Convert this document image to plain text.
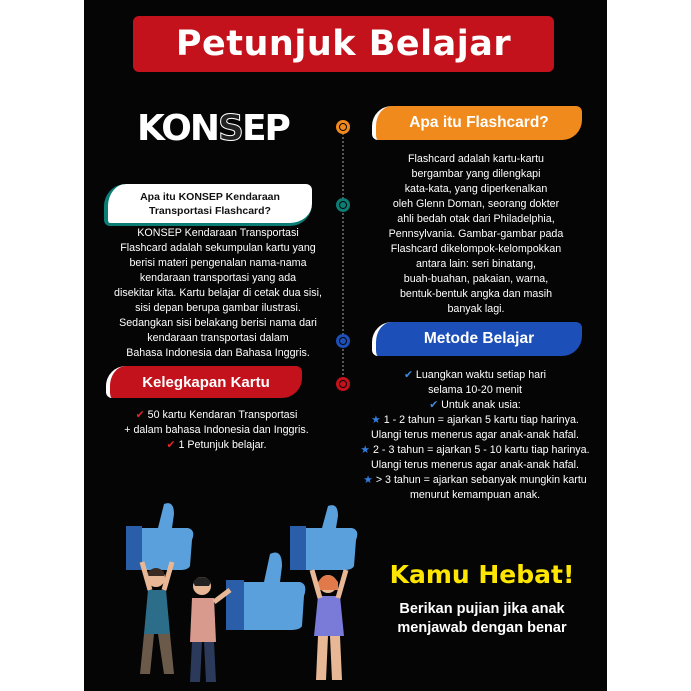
Petunjuk Belajar
KONSEP	Apa itu Flashcard?

Flashcard adalah kartu-kartu
bergambar yang dilengkapi
kata-kata, yang diperkenalkan
oleh Glenn Doman, seorang dokter
ahli bedah otak dari Philadelphia,
Pennsylvania. Gambar-gambar pada
Flashcard dikelompok-kelompokkan
antara lain: seri binatang,
buah-buahan, pakaian, warna,
bentuk-bentuk angka dan masih
banyak lagi.

Apa itu KONSEP Kendaraan Transportasi Flashcard?

KONSEP Kendaraan Transportasi
Flashcard adalah sekumpulan kartu yang
berisi materi pengenalan nama-nama
kendaraan transportasi yang ada
disekitar kita. Kartu belajar di cetak dua sisi,
sisi depan berupa gambar ilustrasi.
Sedangkan sisi belakang berisi nama dari
kendaraan transportasi dalam
Bahasa Indonesia dan Bahasa Inggris.

Metode Belajar
✔ Luangkan waktu setiap hari
selama 10-20 menit
✔ Untuk anak usia:
★ 1 - 2 tahun = ajarkan 5 kartu tiap harinya.
Ulangi terus menerus agar anak-anak hafal.
★ 2 - 3 tahun = ajarkan 5 - 10 kartu tiap harinya.
Ulangi terus menerus agar anak-anak hafal.
★ > 3 tahun = ajarkan sebanyak mungkin kartu
menurut kemampuan anak.
Kelegkapan Kartu
✔ 50 kartu Kendaran Transportasi
+ dalam bahasa Indonesia dan Inggris.
✔ 1 Petunjuk belajar.
Kamu Hebat!
Berikan pujian jika anak
menjawab dengan benar
